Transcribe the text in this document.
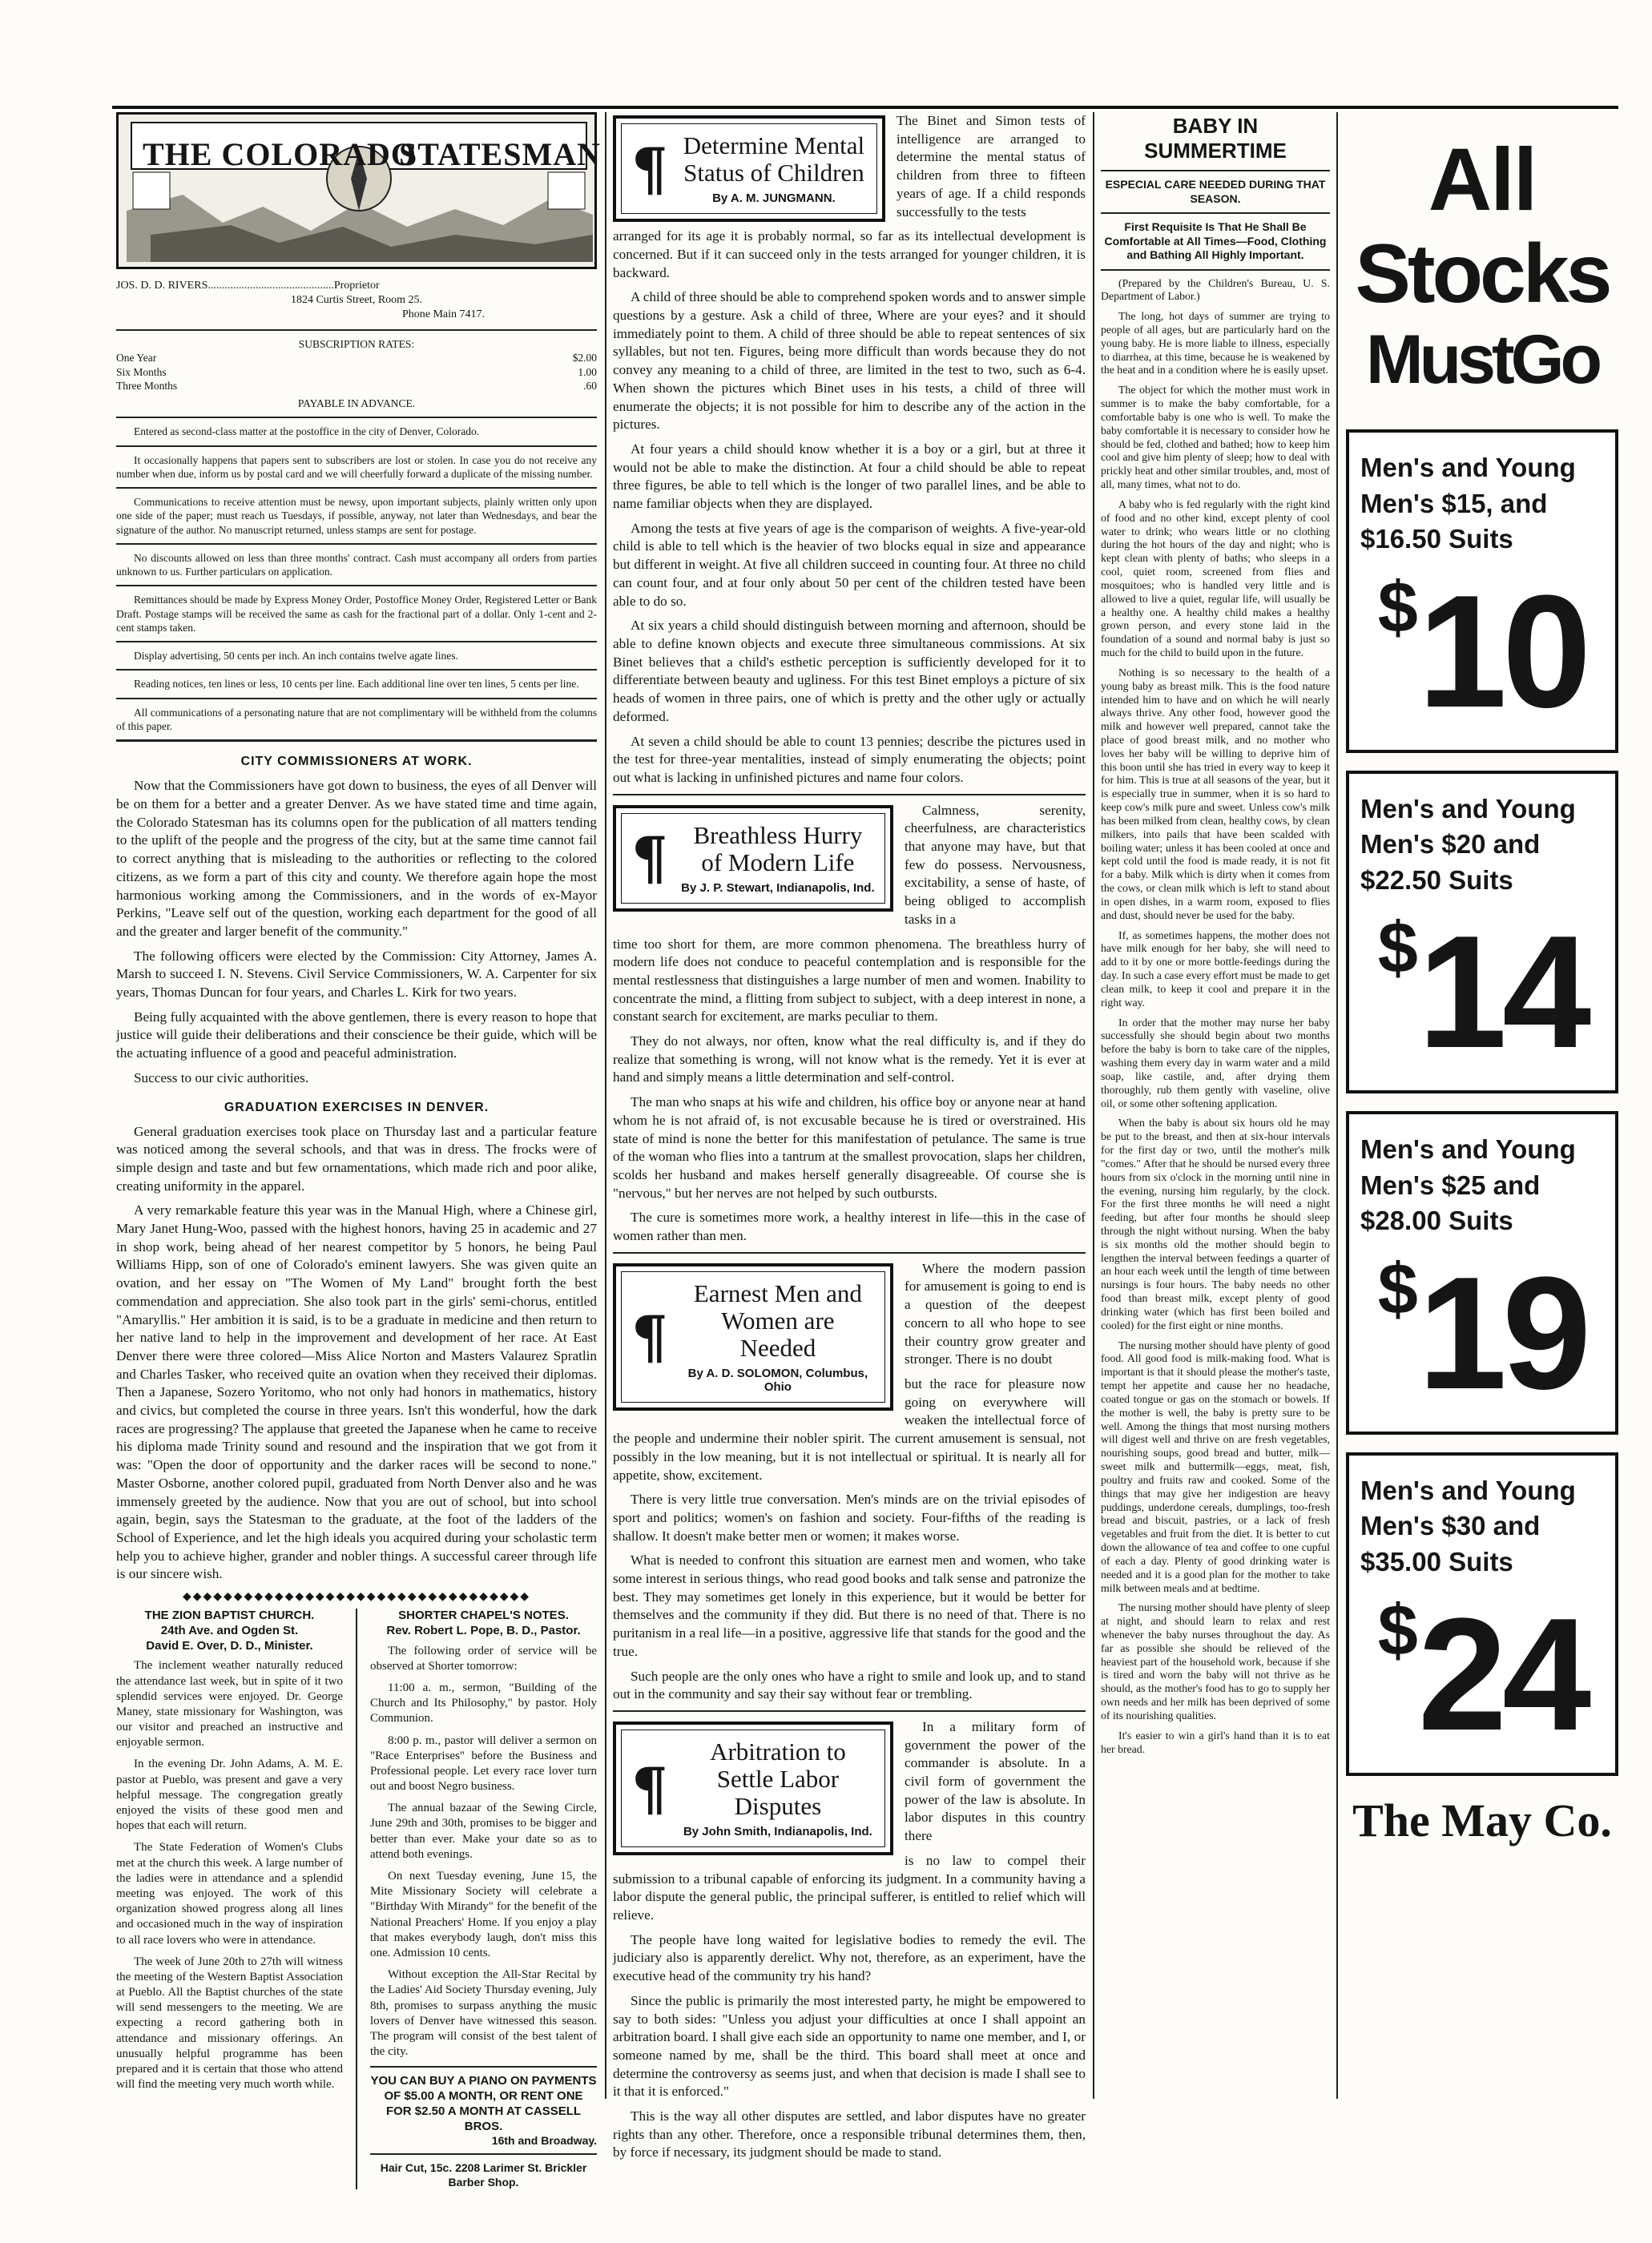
THE COLORADO
STATESMAN
JOS. D. D. RIVERS.............................................Proprietor
1824 Curtis Street, Room 25.
Phone Main 7417.
SUBSCRIPTION RATES:
One Year	$2.00
Six Months	1.00
Three Months	.60
PAYABLE IN ADVANCE.

Entered as second-class matter at the postoffice in the city of Denver, Colorado.

It occasionally happens that papers sent to subscribers are lost or stolen. In case you do not receive any number when due, inform us by postal card and we will cheerfully forward a duplicate of the missing number.

Communications to receive attention must be newsy, upon important subjects, plainly written only upon one side of the paper; must reach us Tuesdays, if possible, anyway, not later than Wednesdays, and bear the signature of the author. No manuscript returned, unless stamps are sent for postage.

No discounts allowed on less than three months' contract. Cash must accompany all orders from parties unknown to us. Further particulars on application.

Remittances should be made by Express Money Order, Postoffice Money Order, Registered Letter or Bank Draft. Postage stamps will be received the same as cash for the fractional part of a dollar. Only 1-cent and 2-cent stamps taken.

Display advertising, 50 cents per inch. An inch contains twelve agate lines.

Reading notices, ten lines or less, 10 cents per line. Each additional line over ten lines, 5 cents per line.

All communications of a personating nature that are not complimentary will be withheld from the columns of this paper.

CITY COMMISSIONERS AT WORK.

Now that the Commissioners have got down to business, the eyes of all Denver will be on them for a better and a greater Denver. As we have stated time and time again, the Colorado Statesman has its columns open for the publication of all matters tending to the uplift of the people and the progress of the city, but at the same time cannot fail to correct anything that is misleading to the authorities or reflecting to the colored citizens, as we form a part of this city and county. We therefore again hope the most harmonious working among the Commissioners, and in the words of ex-Mayor Perkins, "Leave self out of the question, working each department for the good of all and the greater and larger benefit of the community."

The following officers were elected by the Commission: City Attorney, James A. Marsh to succeed I. N. Stevens. Civil Service Commissioners, W. A. Carpenter for six years, Thomas Duncan for four years, and Charles L. Kirk for two years.

Being fully acquainted with the above gentlemen, there is every reason to hope that justice will guide their deliberations and their conscience be their guide, which will be the actuating influence of a good and peaceful administration.

Success to our civic authorities.

GRADUATION EXERCISES IN DENVER.

General graduation exercises took place on Thursday last and a particular feature was noticed among the several schools, and that was in dress. The frocks were of simple design and taste and but few ornamentations, which made rich and poor alike, creating uniformity in the apparel.

A very remarkable feature this year was in the Manual High, where a Chinese girl, Mary Janet Hung-Woo, passed with the highest honors, having 25 in academic and 27 in shop work, being ahead of her nearest competitor by 5 honors, he being Paul Williams Hipp, son of one of Colorado's eminent lawyers. She was given quite an ovation, and her essay on "The Women of My Land" brought forth the best commendation and appreciation. She also took part in the girls' semi-chorus, entitled "Amaryllis." Her ambition it is said, is to be a graduate in medicine and then return to her native land to help in the improvement and development of her race. At East Denver there were three colored—Miss Alice Norton and Masters Valaurez Spratlin and Charles Tasker, who received quite an ovation when they received their diplomas. Then a Japanese, Sozero Yoritomo, who not only had honors in mathematics, history and civics, but completed the course in three years. Isn't this wonderful, how the dark races are progressing? The applause that greeted the Japanese when he came to receive his diploma made Trinity sound and resound and the inspiration that we got from it was: "Open the door of opportunity and the darker races will be second to none." Master Osborne, another colored pupil, graduated from North Denver also and he was immensely greeted by the audience. Now that you are out of school, but into school again, begin, says the Statesman to the graduate, at the foot of the ladders of the School of Experience, and let the high ideals you acquired during your scholastic term help you to achieve higher, grander and nobler things. A successful career through life is our sincere wish.

◆◆◆◆◆◆◆◆◆◆◆◆◆◆◆◆◆◆◆◆◆◆◆◆◆◆◆◆◆◆◆◆◆◆
THE ZION BAPTIST CHURCH.
24th Ave. and Ogden St.
David E. Over, D. D., Minister.

The inclement weather naturally reduced the attendance last week, but in spite of it two splendid services were enjoyed. Dr. George Maney, state missionary for Washington, was our visitor and preached an instructive and enjoyable sermon.

In the evening Dr. John Adams, A. M. E. pastor at Pueblo, was present and gave a very helpful message. The congregation greatly enjoyed the visits of these good men and hopes that each will return.

The State Federation of Women's Clubs met at the church this week. A large number of the ladies were in attendance and a splendid meeting was enjoyed. The work of this organization showed progress along all lines and occasioned much in the way of inspiration to all race lovers who were in attendance.

The week of June 20th to 27th will witness the meeting of the Western Baptist Association at Pueblo. All the Baptist churches of the state will send messengers to the meeting. We are expecting a record gathering both in attendance and missionary offerings. An unusually helpful programme has been prepared and it is certain that those who attend will find the meeting very much worth while.

SHORTER CHAPEL'S NOTES.
Rev. Robert L. Pope, B. D., Pastor.

The following order of service will be observed at Shorter tomorrow:

11:00 a. m., sermon, "Building of the Church and Its Philosophy," by pastor. Holy Communion.

8:00 p. m., pastor will deliver a sermon on "Race Enterprises" before the Business and Professional people. Let every race lover turn out and boost Negro business.

The annual bazaar of the Sewing Circle, June 29th and 30th, promises to be bigger and better than ever. Make your date so as to attend both evenings.

On next Tuesday evening, June 15, the Mite Missionary Society will celebrate a "Birthday With Mirandy" for the benefit of the National Preachers' Home. If you enjoy a play that makes everybody laugh, don't miss this one. Admission 10 cents.

Without exception the All-Star Recital by the Ladies' Aid Society Thursday evening, July 8th, promises to surpass anything the music lovers of Denver have witnessed this season. The program will consist of the best talent of the city.

YOU CAN BUY A PIANO ON PAYMENTS OF $5.00 A MONTH, OR RENT ONE FOR $2.50 A MONTH AT CASSELL BROS.
16th and Broadway.
Hair Cut, 15c. 2208 Larimer St. Brickler Barber Shop.
¶ Determine Mental Status of Children
By A. M. JUNGMANN.

The Binet and Simon tests of intelligence are arranged to determine the mental status of children from three to fifteen years of age. If a child responds successfully to the tests

arranged for its age it is probably normal, so far as its intellectual development is concerned. But if it can succeed only in the tests arranged for younger children, it is backward.

A child of three should be able to comprehend spoken words and to answer simple questions by a gesture. Ask a child of three, Where are your eyes? and it should immediately point to them. A child of three should be able to repeat sentences of six syllables, but not ten. Figures, being more difficult than words because they do not convey any meaning to a child of three, are limited in the test to two, such as 6-4. When shown the pictures which Binet uses in his tests, a child of three will enumerate the objects; it is not possible for him to describe any of the action in the pictures.

At four years a child should know whether it is a boy or a girl, but at three it would not be able to make the distinction. At four a child should be able to repeat three figures, be able to tell which is the longer of two parallel lines, and be able to name familiar objects when they are displayed.

Among the tests at five years of age is the comparison of weights. A five-year-old child is able to tell which is the heavier of two blocks equal in size and appearance but different in weight. At five all children succeed in counting four. At three no child can count four, and at four only about 50 per cent of the children tested have been able to do so.

At six years a child should distinguish between morning and afternoon, should be able to define known objects and execute three simultaneous commissions. At six Binet believes that a child's esthetic perception is sufficiently developed for it to differentiate between beauty and ugliness. For this test Binet employs a picture of six heads of women in three pairs, one of which is pretty and the other ugly or actually deformed.

At seven a child should be able to count 13 pennies; describe the pictures used in the test for three-year mentalities, instead of simply enumerating the objects; point out what is lacking in unfinished pictures and name four colors.

¶	Breathless Hurry of Modern Life
By J. P. Stewart, Indianapolis, Ind.

Calmness, serenity, cheerfulness, are characteristics that anyone may have, but that few do possess. Nervousness, excitability, a sense of haste, of being obliged to accomplish tasks in a

time too short for them, are more common phenomena. The breathless hurry of modern life does not conduce to peaceful contemplation and is responsible for the mental restlessness that distinguishes a large number of men and women. Inability to concentrate the mind, a flitting from subject to subject, with a deep interest in none, a constant search for excitement, are marks peculiar to them.

They do not always, nor often, know what the real difficulty is, and if they do realize that something is wrong, will not know what is the remedy. Yet it is ever at hand and simply means a little determination and self-control.

The man who snaps at his wife and children, his office boy or anyone near at hand whom he is not afraid of, is not excusable because he is tired or overstrained. His state of mind is none the better for this manifestation of petulance. The same is true of the woman who flies into a tantrum at the smallest provocation, slaps her children, scolds her husband and makes herself generally disagreeable. Of course she is "nervous," but her nerves are not helped by such outbursts.

The cure is sometimes more work, a healthy interest in life—this in the case of women rather than men.

¶
Earnest Men and Women are Needed
By A. D. SOLOMON, Columbus, Ohio

Where the modern passion for amusement is going to end is a question of the deepest concern to all who hope to see their country grow greater and stronger. There is no doubt

but the race for pleasure now going on everywhere will weaken the intellectual force of the people and undermine their nobler spirit. The current amusement is sensual, not possibly in the low meaning, but it is not intellectual or spiritual. It is nearly all for appetite, show, excitement.

There is very little true conversation. Men's minds are on the trivial episodes of sport and politics; women's on fashion and society. Four-fifths of the reading is shallow. It doesn't make better men or women; it makes worse.

What is needed to confront this situation are earnest men and women, who take some interest in serious things, who read good books and talk sense and patronize the best. They may sometimes get lonely in this experience, but it would be better for themselves and the community if they did. But there is no need of that. There is no puritanism in a real life—in a positive, aggressive life that stands for the good and the true.

Such people are the only ones who have a right to smile and look up, and to stand out in the community and say their say without fear or trembling.

¶
Arbitration to Settle Labor Disputes
By John Smith, Indianapolis, Ind.

In a military form of government the power of the commander is absolute. In a civil form of government the power of the law is absolute. In labor disputes in this country there

is no law to compel their submission to a tribunal capable of enforcing its judgment. In a community having a labor dispute the general public, the principal sufferer, is entitled to relief which will relieve.

The people have long waited for legislative bodies to remedy the evil. The judiciary also is apparently derelict. Why not, therefore, as an experiment, have the executive head of the community try his hand?

Since the public is primarily the most interested party, he might be empowered to say to both sides: "Unless you adjust your difficulties at once I shall appoint an arbitration board. I shall give each side an opportunity to name one member, and I, or someone named by me, shall be the third. This board shall meet at once and determine the controversy as seems just, and when that decision is made I shall see to it that it is enforced."

This is the way all other disputes are settled, and labor disputes have no greater rights than any other. Therefore, once a responsible tribunal determines them, then, by force if necessary, its judgment should be made to stand.

BABY IN SUMMERTIME
ESPECIAL CARE NEEDED DURING THAT SEASON.
First Requisite Is That He Shall Be Comfortable at All Times—Food, Clothing and Bathing All Highly Important.

(Prepared by the Children's Bureau, U. S. Department of Labor.)

The long, hot days of summer are trying to people of all ages, but are particularly hard on the young baby. He is more liable to illness, especially to diarrhea, at this time, because he is weakened by the heat and in a condition where he is easily upset.

The object for which the mother must work in summer is to make the baby comfortable, for a comfortable baby is one who is well. To make the baby comfortable it is necessary to consider how he should be fed, clothed and bathed; how to keep him cool and give him plenty of sleep; how to deal with prickly heat and other similar troubles, and, most of all, many times, what not to do.

A baby who is fed regularly with the right kind of food and no other kind, except plenty of cool water to drink; who wears little or no clothing during the hot hours of the day and night; who is kept clean with plenty of baths; who sleeps in a cool, quiet room, screened from flies and mosquitoes; who is handled very little and is allowed to live a quiet, regular life, will usually be a healthy one. A healthy child makes a healthy grown person, and every stone laid in the foundation of a sound and normal baby is just so much for the child to build upon in the future.

Nothing is so necessary to the health of a young baby as breast milk. This is the food nature intended him to have and on which he will nearly always thrive. Any other food, however good the milk and however well prepared, cannot take the place of good breast milk, and no mother who loves her baby will be willing to deprive him of this boon until she has tried in every way to keep it for him. This is true at all seasons of the year, but it is especially true in summer, when it is so hard to keep cow's milk pure and sweet. Unless cow's milk has been milked from clean, healthy cows, by clean milkers, into pails that have been scalded with boiling water; unless it has been cooled at once and kept cold until the food is made ready, it is not fit for a baby. Milk which is dirty when it comes from the cows, or clean milk which is left to stand about in open dishes, in a warm room, exposed to flies and dust, should never be used for the baby.

If, as sometimes happens, the mother does not have milk enough for her baby, she will need to add to it by one or more bottle-feedings during the day. In such a case every effort must be made to get clean milk, to keep it cool and prepare it in the right way.

In order that the mother may nurse her baby successfully she should begin about two months before the baby is born to take care of the nipples, washing them every day in warm water and a mild soap, like castile, and, after drying them thoroughly, rub them gently with vaseline, olive oil, or some other softening application.

When the baby is about six hours old he may be put to the breast, and then at six-hour intervals for the first day or two, until the mother's milk "comes." After that he should be nursed every three hours from six o'clock in the morning until nine in the evening, nursing him regularly, by the clock. For the first three months he will need a night feeding, but after four months he should sleep through the night without nursing. When the baby is six months old the mother should begin to lengthen the interval between feedings a quarter of an hour each week until the length of time between nursings is four hours. The baby needs no other food than breast milk, except plenty of good drinking water (which has first been boiled and cooled) for the first eight or nine months.

The nursing mother should have plenty of good food. All good food is milk-making food. What is important is that it should please the mother's taste, tempt her appetite and cause her no headache, coated tongue or gas on the stomach or bowels. If the mother is well, the baby is pretty sure to be well. Among the things that most nursing mothers will digest well and thrive on are fresh vegetables, nourishing soups, good bread and butter, milk—sweet milk and buttermilk—eggs, meat, fish, poultry and fruits raw and cooked. Some of the things that may give her indigestion are heavy puddings, underdone cereals, dumplings, too-fresh bread and biscuit, pastries, or a lack of fresh vegetables and fruit from the diet. It is better to cut down the allowance of tea and coffee to one cupful of each a day. Plenty of good drinking water is needed and it is a good plan for the mother to take milk between meals and at bedtime.

The nursing mother should have plenty of sleep at night, and should learn to relax and rest whenever the baby nurses throughout the day. As far as possible she should be relieved of the heaviest part of the household work, because if she is tired and worn the baby will not thrive as he should, as the mother's food has to go to supply her own needs and her milk has been deprived of some of its nourishing qualities.

It's easier to win a girl's hand than it is to eat her bread.

All
Stocks
MustGo
Men's and Young Men's $15, and $16.50 Suits
$10
Men's and Young Men's $20 and $22.50 Suits
$14
Men's and Young Men's $25 and $28.00 Suits
$19
Men's and Young Men's $30 and $35.00 Suits
$24
The May Co.
